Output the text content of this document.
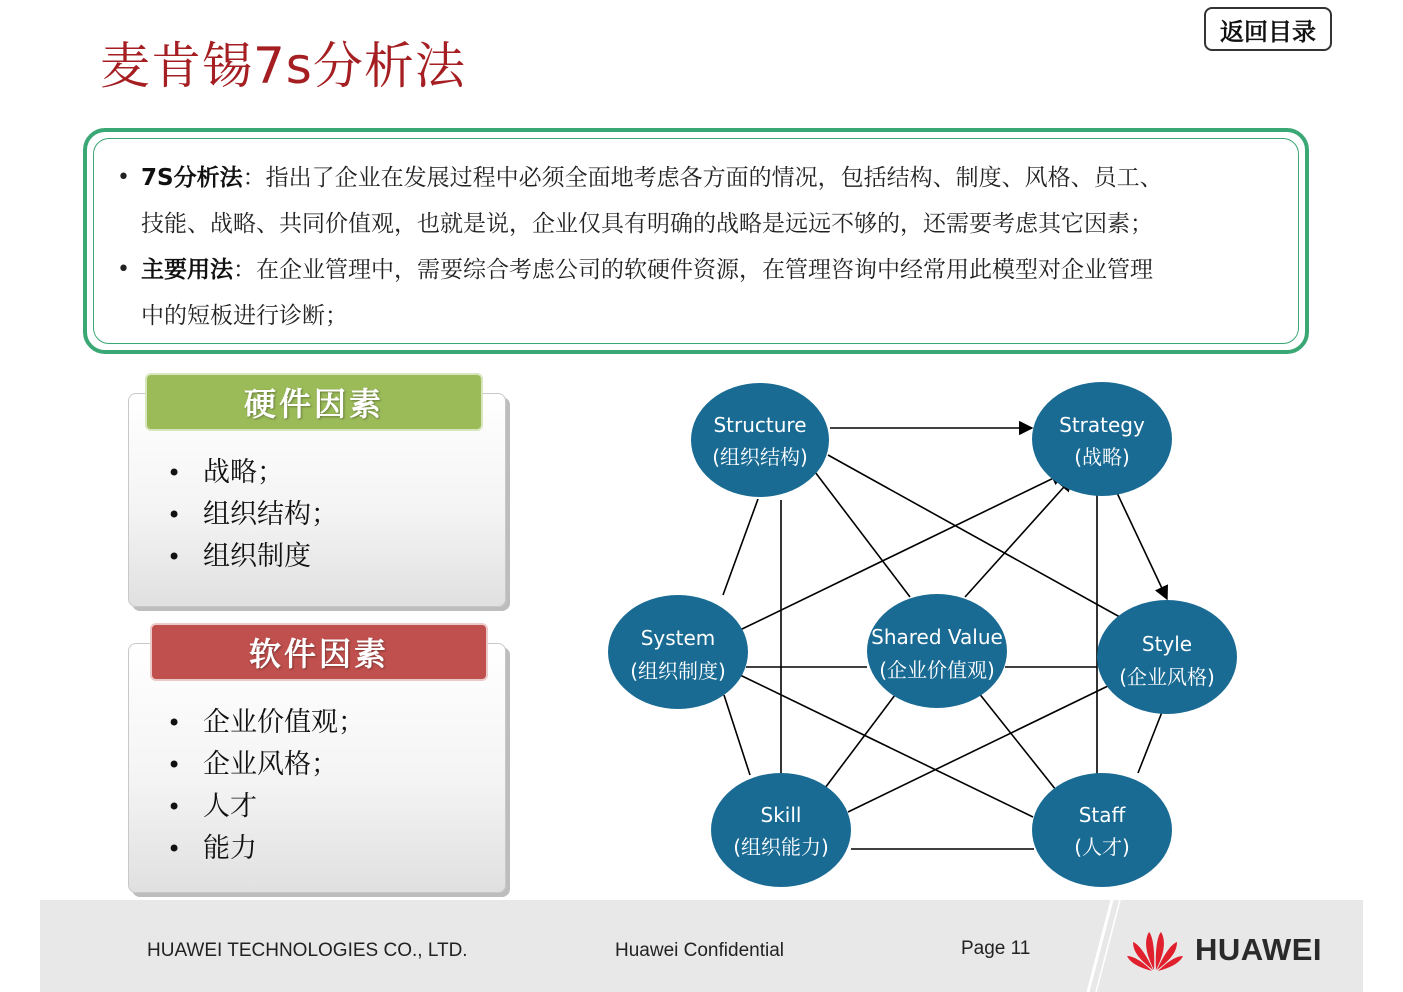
麦肯锡7s分析法
返回目录
• 7S分析法：指出了企业在发展过程中必须全面地考虑各方面的情况，包括结构、制度、风格、员工、
技能、战略、共同价值观，也就是说，企业仅具有明确的战略是远远不够的，还需要考虑其它因素；
• 主要用法：在企业管理中，需要综合考虑公司的软硬件资源，在管理咨询中经常用此模型对企业管理
中的短板进行诊断；
硬件因素
• 战略；
• 组织结构；
• 组织制度
软件因素
• 企业价值观；
• 企业风格；
• 人才
• 能力
Structure
(组织结构)
Strategy
(战略)
System
(组织制度)
Shared Value
(企业价值观)
Style
(企业风格)
Skill
(组织能力)
Staff
(人才)
HUAWEI TECHNOLOGIES CO., LTD.	Huawei Confidential	Page 11	HUAWEI
